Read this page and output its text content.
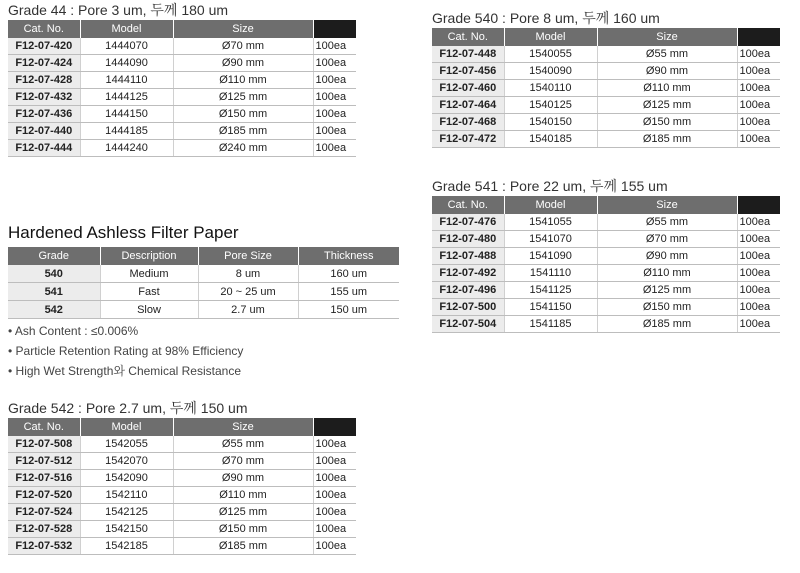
Grade 44 : Pore 3 um, 두께 180 um
Cat. No.	Model	Size	
F12-07-420	1444070	Ø70 mm	100ea
F12-07-424	1444090	Ø90 mm	100ea
F12-07-428	1444110	Ø110 mm	100ea
F12-07-432	1444125	Ø125 mm	100ea
F12-07-436	1444150	Ø150 mm	100ea
F12-07-440	1444185	Ø185 mm	100ea
F12-07-444	1444240	Ø240 mm	100ea
Hardened Ashless Filter Paper
Grade	Description	Pore Size	Thickness
540	Medium	8 um	160 um
541	Fast	20 ~ 25 um	155 um
542	Slow	2.7 um	150 um
• Ash Content : ≤0.006%
• Particle Retention Rating at 98% Efficiency
• High Wet Strength와 Chemical Resistance
Grade 542 : Pore 2.7 um, 두께 150 um
Cat. No.	Model	Size	
F12-07-508	1542055	Ø55 mm	100ea
F12-07-512	1542070	Ø70 mm	100ea
F12-07-516	1542090	Ø90 mm	100ea
F12-07-520	1542110	Ø110 mm	100ea
F12-07-524	1542125	Ø125 mm	100ea
F12-07-528	1542150	Ø150 mm	100ea
F12-07-532	1542185	Ø185 mm	100ea
Grade 540 : Pore 8 um, 두께 160 um
Cat. No.	Model	Size	
F12-07-448	1540055	Ø55 mm	100ea
F12-07-456	1540090	Ø90 mm	100ea
F12-07-460	1540110	Ø110 mm	100ea
F12-07-464	1540125	Ø125 mm	100ea
F12-07-468	1540150	Ø150 mm	100ea
F12-07-472	1540185	Ø185 mm	100ea
Grade 541 : Pore 22 um, 두께 155 um
Cat. No.	Model	Size	
F12-07-476	1541055	Ø55 mm	100ea
F12-07-480	1541070	Ø70 mm	100ea
F12-07-488	1541090	Ø90 mm	100ea
F12-07-492	1541110	Ø110 mm	100ea
F12-07-496	1541125	Ø125 mm	100ea
F12-07-500	1541150	Ø150 mm	100ea
F12-07-504	1541185	Ø185 mm	100ea
